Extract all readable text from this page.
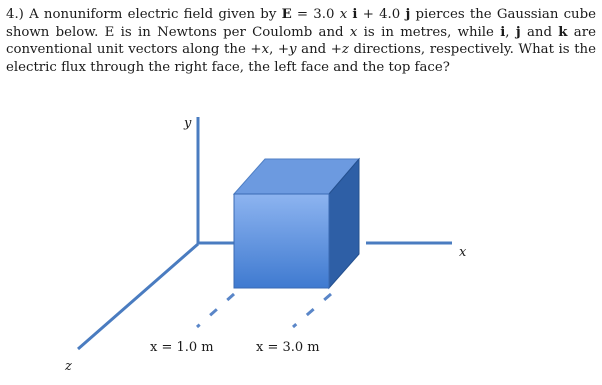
4.) A nonuniform electric field given by E = 3.0 x i + 4.0 j pierces the Gaussian cube shown below. E is in Newtons per Coulomb and x is in metres, while i, j and k are conventional unit vectors along the +x, +y and +z directions, respectively. What is the electric flux through the right face, the left face and the top face?

y
x
z
x = 1.0 m	x = 3.0 m
